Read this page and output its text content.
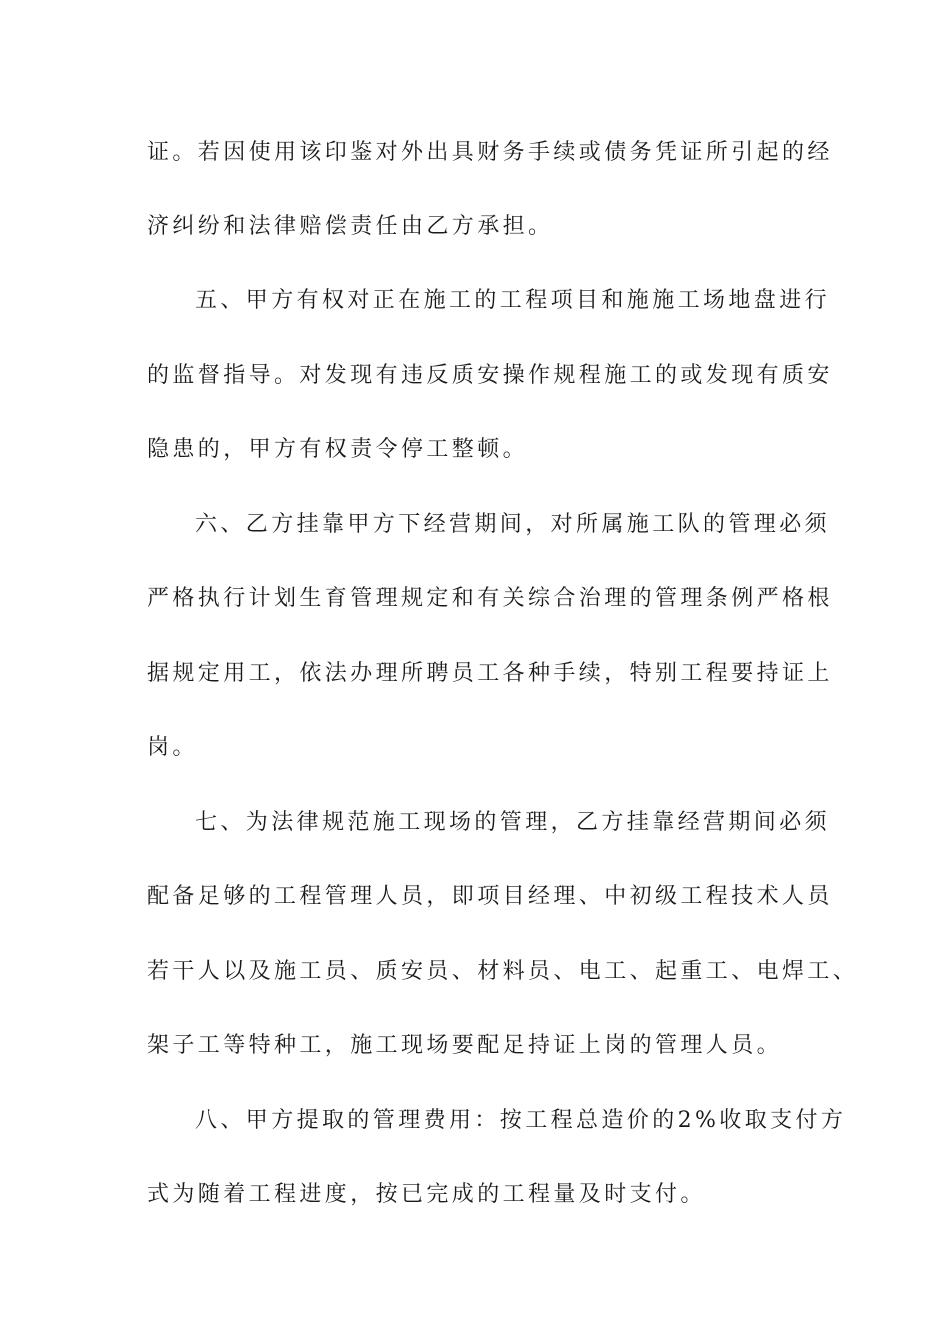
证。若因使用该印鉴对外出具财务手续或债务凭证所引起的经
济纠纷和法律赔偿责任由乙方承担。
五、甲方有权对正在施工的工程项目和施施工场地盘进行
的监督指导。对发现有违反质安操作规程施工的或发现有质安
隐患的，甲方有权责令停工整顿。
六、乙方挂靠甲方下经营期间，对所属施工队的管理必须
严格执行计划生育管理规定和有关综合治理的管理条例严格根
据规定用工，依法办理所聘员工各种手续，特别工程要持证上
岗。
七、为法律规范施工现场的管理，乙方挂靠经营期间必须
配备足够的工程管理人员，即项目经理、中初级工程技术人员
若干人以及施工员、质安员、材料员、电工、起重工、电焊工、
架子工等特种工，施工现场要配足持证上岗的管理人员。
八、甲方提取的管理费用：按工程总造价的2%收取支付方
式为随着工程进度，按已完成的工程量及时支付。
